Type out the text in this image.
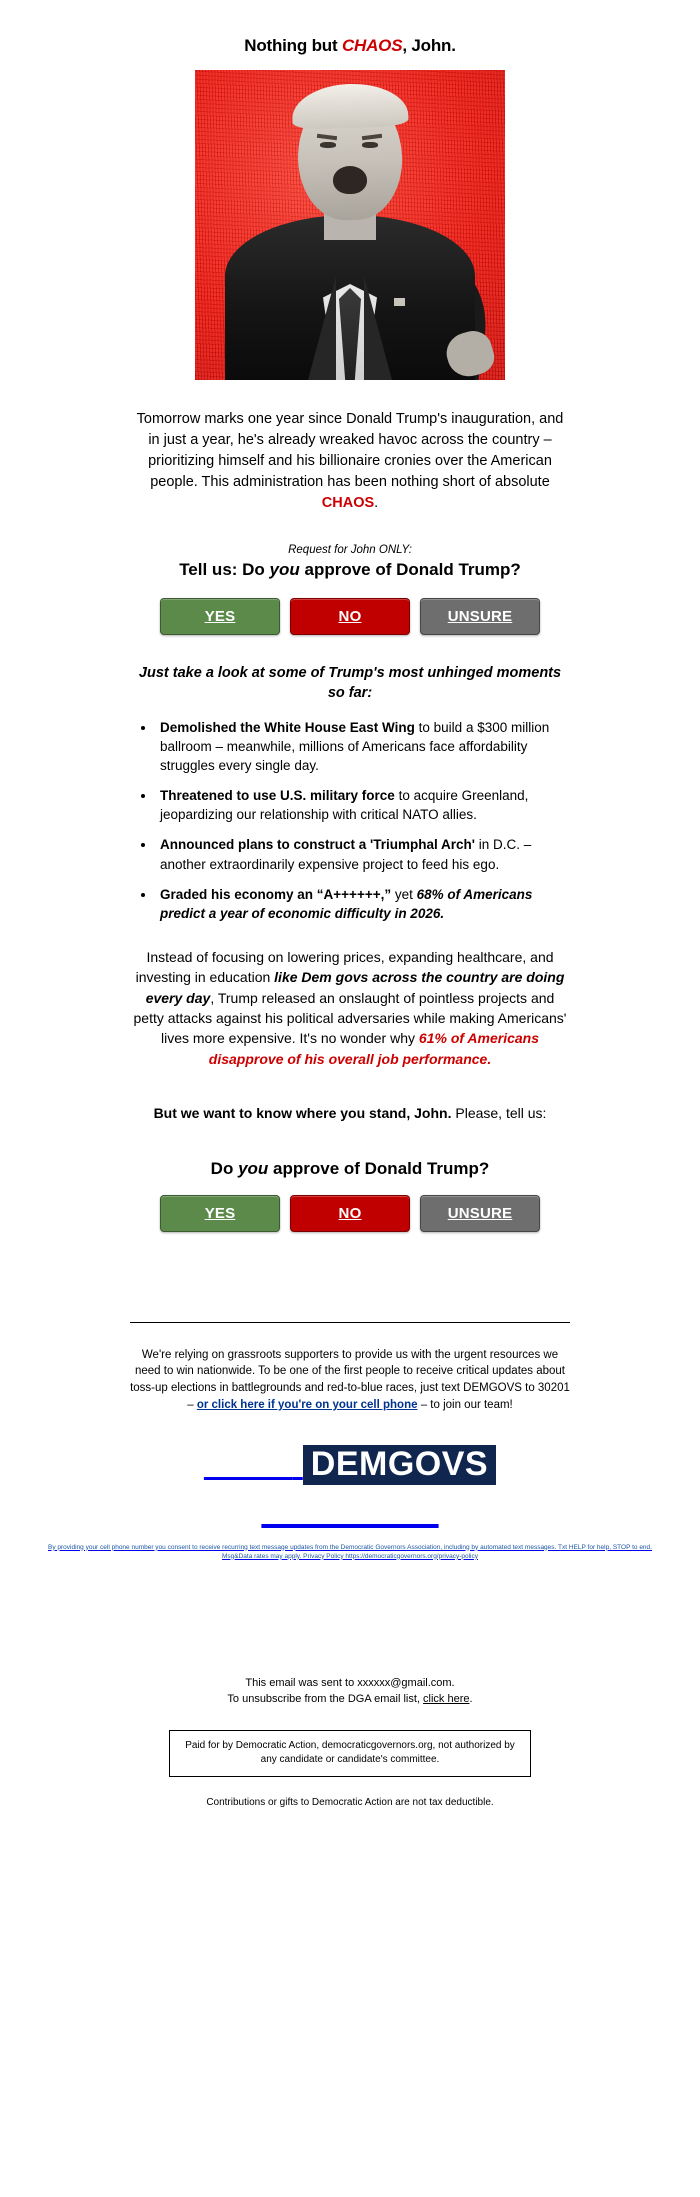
Nothing but CHAOS, John.

Tomorrow marks one year since Donald Trump's inauguration, and in just a year, he's already wreaked havoc across the country – prioritizing himself and his billionaire cronies over the American people. This administration has been nothing short of absolute CHAOS.

Request for John ONLY:
Tell us: Do you approve of Donald Trump?
YES	NO	UNSURE
Just take a look at some of Trump's most unhinged moments so far:
• Demolished the White House East Wing to build a $300 million ballroom – meanwhile, millions of Americans face affordability struggles every single day.
• Threatened to use U.S. military force to acquire Greenland, jeopardizing our relationship with critical NATO allies.
• Announced plans to construct a 'Triumphal Arch' in D.C. – another extraordinarily expensive project to feed his ego.
• Graded his economy an “A++++++,” yet 68% of Americans predict a year of economic difficulty in 2026.

Instead of focusing on lowering prices, expanding healthcare, and investing in education like Dem govs across the country are doing every day, Trump released an onslaught of pointless projects and petty attacks against his political adversaries while making Americans' lives more expensive. It's no wonder why 61% of Americans disapprove of his overall job performance.

But we want to know where you stand, John. Please, tell us:

Do you approve of Donald Trump?
YES	NO	UNSURE

We're relying on grassroots supporters to provide us with the urgent resources we need to win nationwide. To be one of the first people to receive critical updates about toss-up elections in battlegrounds and red-to-blue races, just text DEMGOVS to 30201 – or click here if you're on your cell phone – to join our team!

TEXT DEMGOVS
TO 30201
By providing your cell phone number you consent to receive recurring text message updates from the Democratic Governors Association, including by automated text messages. Txt HELP for help, STOP to end. Msg&Data rates may apply. Privacy Policy https://democraticgovernors.org/privacy-policy
This email was sent to xxxxxx@gmail.com.
To unsubscribe from the DGA email list, click here.
Paid for by Democratic Action, democraticgovernors.org, not authorized by any candidate or candidate's committee.
Contributions or gifts to Democratic Action are not tax deductible.
